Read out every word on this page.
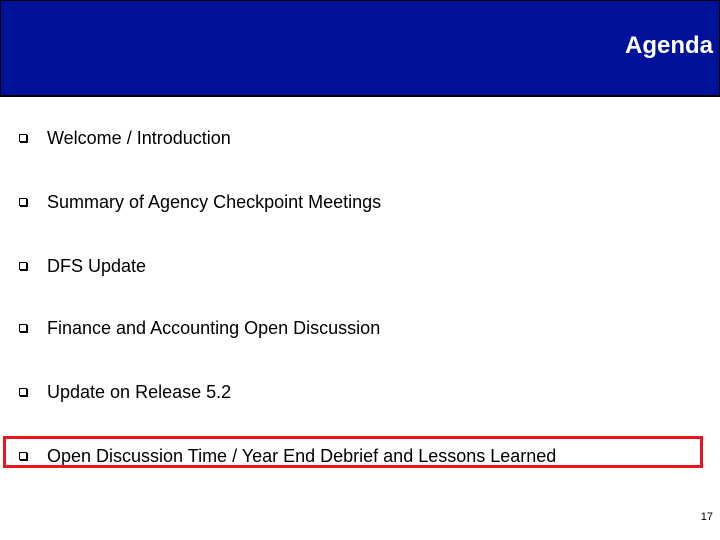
Agenda
Welcome / Introduction
Summary of Agency Checkpoint Meetings
DFS Update
Finance and Accounting Open Discussion
Update on Release 5.2
Open Discussion Time / Year End Debrief and Lessons Learned
17
